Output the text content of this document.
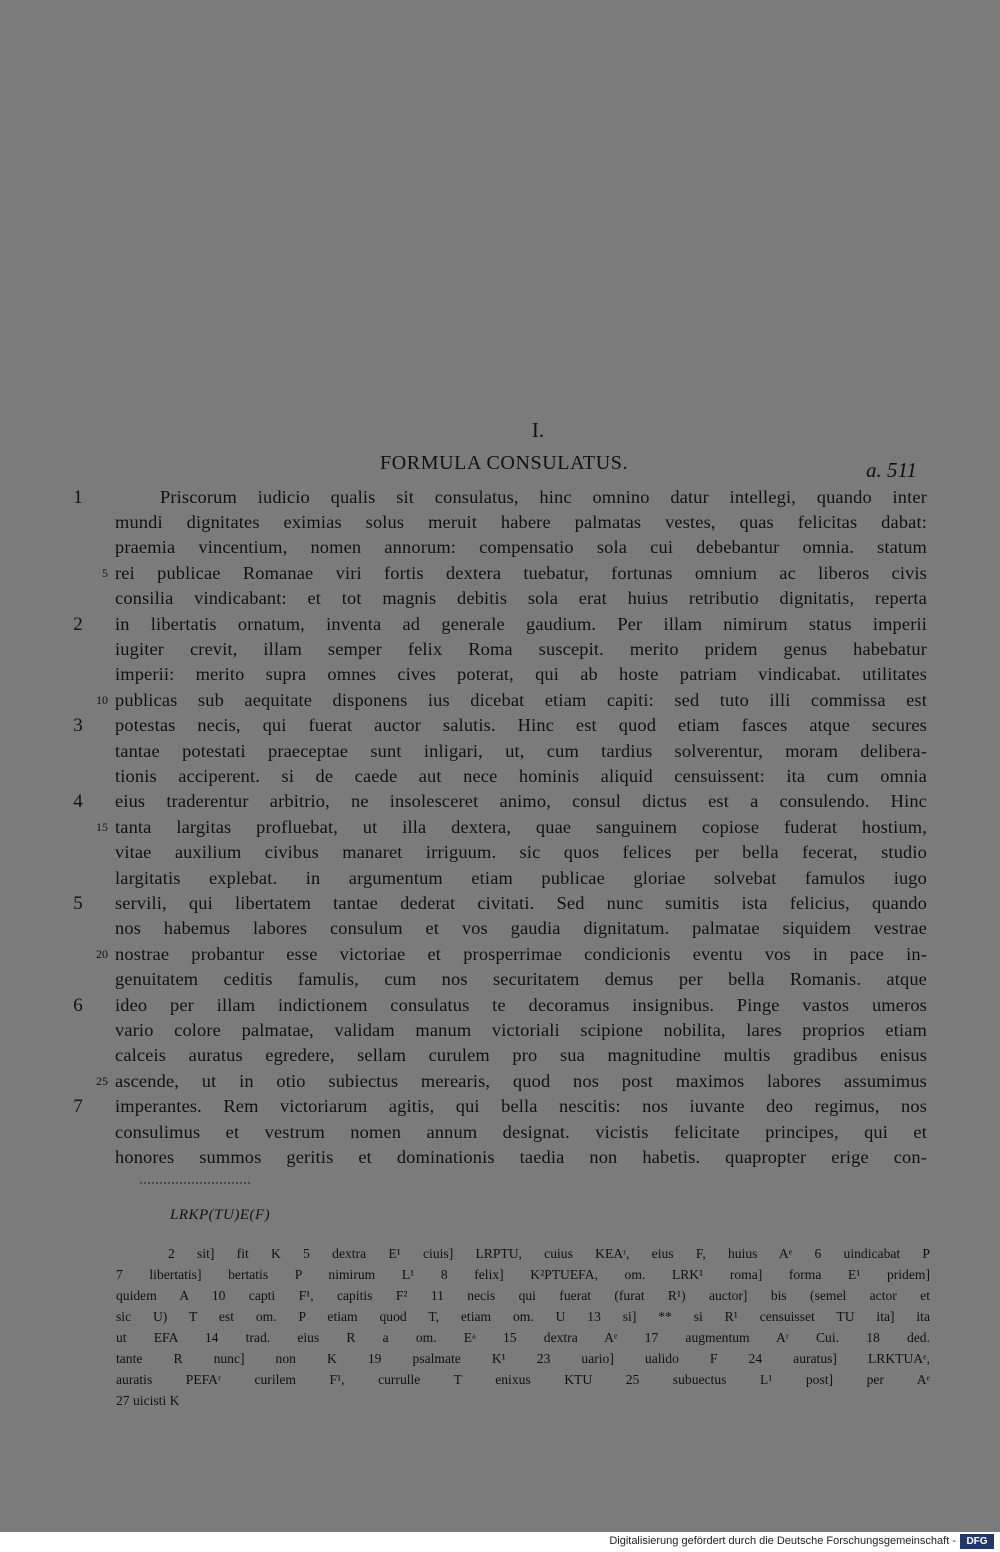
I.
FORMULA CONSULATUS.	a. 511
Priscorum iudicio qualis sit consulatus, hinc omnino datur intellegi, quando inter
mundi dignitates eximias solus meruit habere palmatas vestes, quas felicitas dabat:
praemia vincentium, nomen annorum: compensatio sola cui debebantur omnia. statum
rei publicae Romanae viri fortis dextera tuebatur, fortunas omnium ac liberos civis
consilia vindicabant: et tot magnis debitis sola erat huius retributio dignitatis, reperta
in libertatis ornatum, inventa ad generale gaudium. Per illam nimirum status imperii
iugiter crevit, illam semper felix Roma suscepit. merito pridem genus habebatur
imperii: merito supra omnes cives poterat, qui ab hoste patriam vindicabat. utilitates
publicas sub aequitate disponens ius dicebat etiam capiti: sed tuto illi commissa est
potestas necis, qui fuerat auctor salutis. Hinc est quod etiam fasces atque secures
tantae potestati praeceptae sunt inligari, ut, cum tardius solverentur, moram delibera-
tionis acciperent. si de caede aut nece hominis aliquid censuissent: ita cum omnia
eius traderentur arbitrio, ne insolesceret animo, consul dictus est a consulendo. Hinc
tanta largitas profluebat, ut illa dextera, quae sanguinem copiose fuderat hostium,
vitae auxilium civibus manaret irriguum. sic quos felices per bella fecerat, studio
largitatis explebat. in argumentum etiam publicae gloriae solvebat famulos iugo
servili, qui libertatem tantae dederat civitati. Sed nunc sumitis ista felicius, quando
nos habemus labores consulum et vos gaudia dignitatum. palmatae siquidem vestrae
nostrae probantur esse victoriae et prosperrimae condicionis eventu vos in pace in-
genuitatem ceditis famulis, cum nos securitatem demus per bella Romanis. atque
ideo per illam indictionem consulatus te decoramus insignibus. Pinge vastos umeros
vario colore palmatae, validam manum victoriali scipione nobilita, lares proprios etiam
calceis auratus egredere, sellam curulem pro sua magnitudine multis gradibus enisus
ascende, ut in otio subiectus merearis, quod nos post maximos labores assumimus
imperantes. Rem victoriarum agitis, qui bella nescitis: nos iuvante deo regimus, nos
consulimus et vestrum nomen annum designat. vicistis felicitate principes, qui et
honores summos geritis et dominationis taedia non habetis. quapropter erige con-
1
2
3
4
5
6
7
5
10
15
20
25
LRKP(TU)E(F)
2 sit] fit K 5 dextra E¹ ciuis] LRPTU, cuius KEAʳ, eius F, huius Aᵉ 6 uindicabat P
7 libertatis] bertatis P nimirum L¹ 8 felix] K²PTUEFA, om. LRK¹ roma] forma E¹ pridem]
quidem A 10 capti F¹, capitis F² 11 necis qui fuerat (furat R¹) auctor] bis (semel actor et
sic U) T est om. P etiam quod T, etiam om. U 13 si] ** si R¹ censuisset TU ita] ita
ut EFA 14 trad. eius R a om. Eᵃ 15 dextra Aᵉ 17 augmentum Aʳ Cui. 18 ded.
tante R nunc] non K 19 psalmate K¹ 23 uario] ualido F 24 auratus] LRKTUAᵉ,
auratis PEFAʳ curilem F¹, currulle T enixus KTU 25 subuectus L¹ post] per Aᵉ
27 uicisti K
Digitalisierung gefördert durch die Deutsche Forschungsgemeinschaft -	DFG
